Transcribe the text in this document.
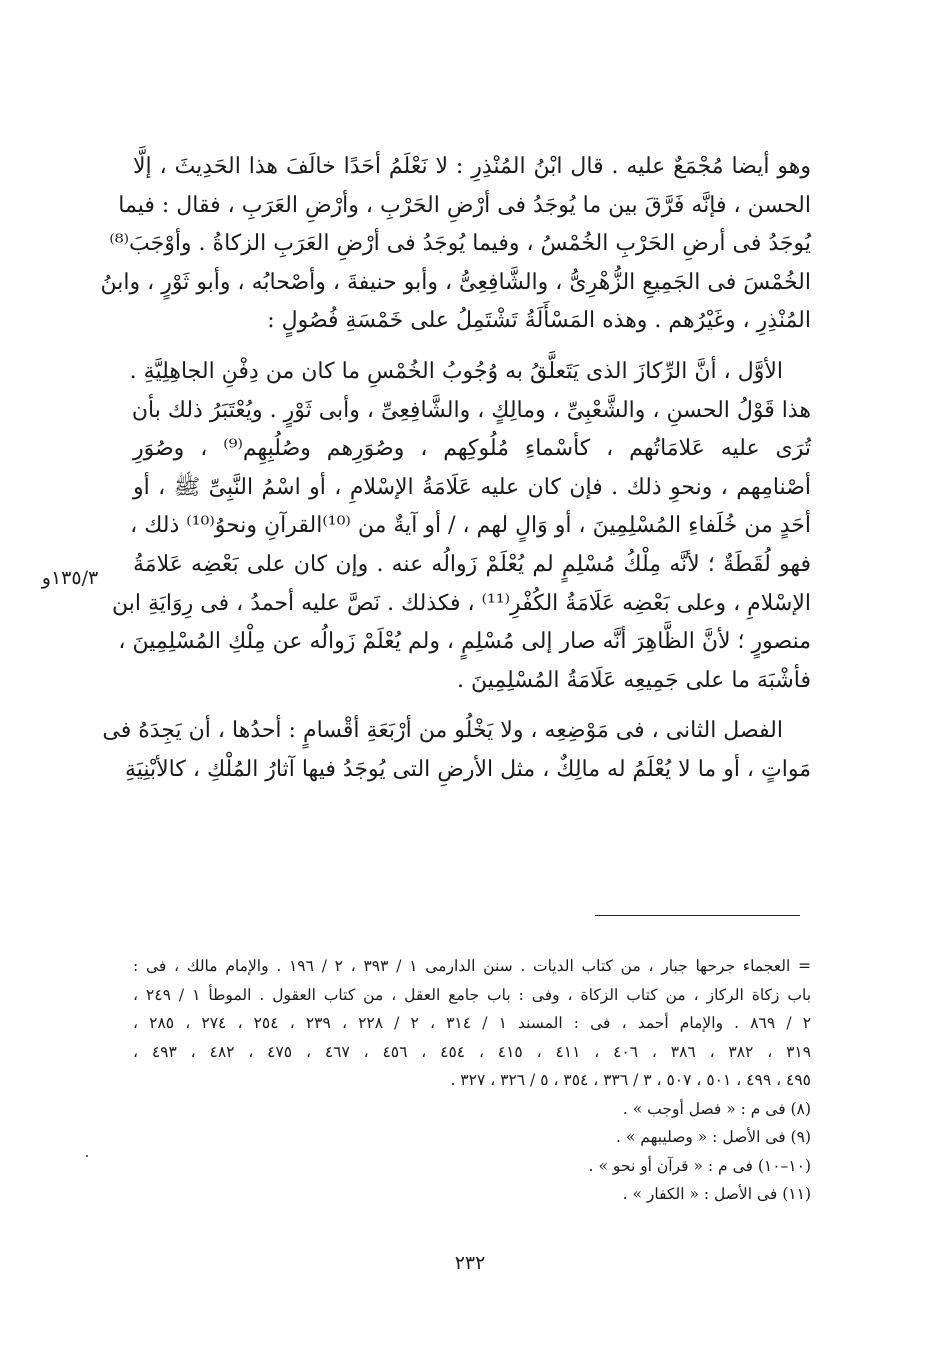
وهو أيضا مُجْمَعٌ عليه . قال ابْنُ المُنْذِرِ : لا نَعْلَمُ أحَدًا خالَفَ هذا الحَدِيثَ ، إلَّا
الحسن ، فإنَّه فَرَّقَ بين ما يُوجَدُ فى أرْضِ الحَرْبِ ، وأرْضِ العَرَبِ ، فقال : فيما
يُوجَدُ فى أرضِ الحَرْبِ الخُمْسُ ، وفيما يُوجَدُ فى أرْضِ العَرَبِ الزكاةُ . وأوْجَبَ⁽⁸⁾
الخُمْسَ فى الجَمِيعِ الزُّهْرِىُّ ، والشَّافِعِىُّ ، وأبو حنيفةَ ، وأصْحابُه ، وأبو ثَوْرٍ ، وابنُ
المُنْذِرِ ، وغَيْرُهم . وهذه المَسْأَلَةُ تَشْتَمِلُ على خَمْسَةِ فُصُولٍ :
الأوَّل ، أنَّ الرِّكازَ الذى يَتَعلَّقُ به وُجُوبُ الخُمْسِ ما كان من دِفْنِ الجاهِلِيَّةِ .
هذا قَوْلُ الحسنِ ، والشَّعْبِىِّ ، ومالِكٍ ، والشَّافِعِىِّ ، وأبى ثَوْرٍ . ويُعْتَبَرُ ذلك بأن
تُرَى عليه عَلامَاتُهم ، كأسْماءِ مُلُوكِهم ، وصُوَرِهم وصُلُبِهِم⁽⁹⁾ ، وصُوَرِ
أصْنامِهم ، ونحوِ ذلك . فإن كان عليه عَلَامَةُ الإسْلامِ ، أو اسْمُ النَّبِىِّ ﷺ ، أو
أحَدٍ من خُلَفاءِ المُسْلِمِينَ ، أو وَالٍ لهم ، / أو آيةٌ من ⁽¹⁰⁾القرآنِ ونحوُ⁽¹⁰⁾ ذلك ،
فهو لُقَطَةٌ ؛ لأنَّه مِلْكُ مُسْلِمٍ لم يُعْلَمْ زَوالُه عنه . وإن كان على بَعْضِه عَلامَةُ
الإسْلامِ ، وعلى بَعْضِه عَلَامَةُ الكُفْرِ⁽¹¹⁾ ، فكذلك . نَصَّ عليه أحمدُ ، فى رِوَايَةِ ابن
منصورٍ ؛ لأنَّ الظَّاهِرَ أنَّه صار إلى مُسْلِمٍ ، ولم يُعْلَمْ زَوالُه عن مِلْكِ المُسْلِمِينَ ،
فأشْبَهَ ما على جَمِيعِه عَلَامَةُ المُسْلِمِينَ .
الفصل الثانى ، فى مَوْضِعِه ، ولا يَخْلُو من أرْبَعَةِ أقْسامٍ : أحدُها ، أن يَجِدَهُ فى
مَواتٍ ، أو ما لا يُعْلَمُ له مالِكٌ ، مثل الأرضِ التى يُوجَدُ فيها آثارُ المُلْكِ ، كالأبْنِيَةِ
١٣٥/٣و
= العجماء جرحها جبار ، من كتاب الديات . سنن الدارمى ١ / ٣٩٣ ، ٢ / ١٩٦ . والإمام مالك ، فى :
باب زكاة الركاز ، من كتاب الزكاة ، وفى : باب جامع العقل ، من كتاب العقول . الموطأ ١ / ٢٤٩ ،
٢ / ٨٦٩ . والإمام أحمد ، فى : المسند ١ / ٣١٤ ، ٢ / ٢٢٨ ، ٢٣٩ ، ٢٥٤ ، ٢٧٤ ، ٢٨٥ ،
٣١٩ ، ٣٨٢ ، ٣٨٦ ، ٤٠٦ ، ٤١١ ، ٤١٥ ، ٤٥٤ ، ٤٥٦ ، ٤٦٧ ، ٤٧٥ ، ٤٨٢ ، ٤٩٣ ،
٤٩٥ ، ٤٩٩ ، ٥٠١ ، ٥٠٧ ، ٣ / ٣٣٦ ، ٣٥٤ ، ٥ / ٣٢٦ ، ٣٢٧ .
(٨) فى م : « فصل أوجب » .
(٩) فى الأصل : « وصليبهم » .
(١٠–١٠) فى م : « قرآن أو نحو » .
(١١) فى الأصل : « الكفار » .
٢٣٢
